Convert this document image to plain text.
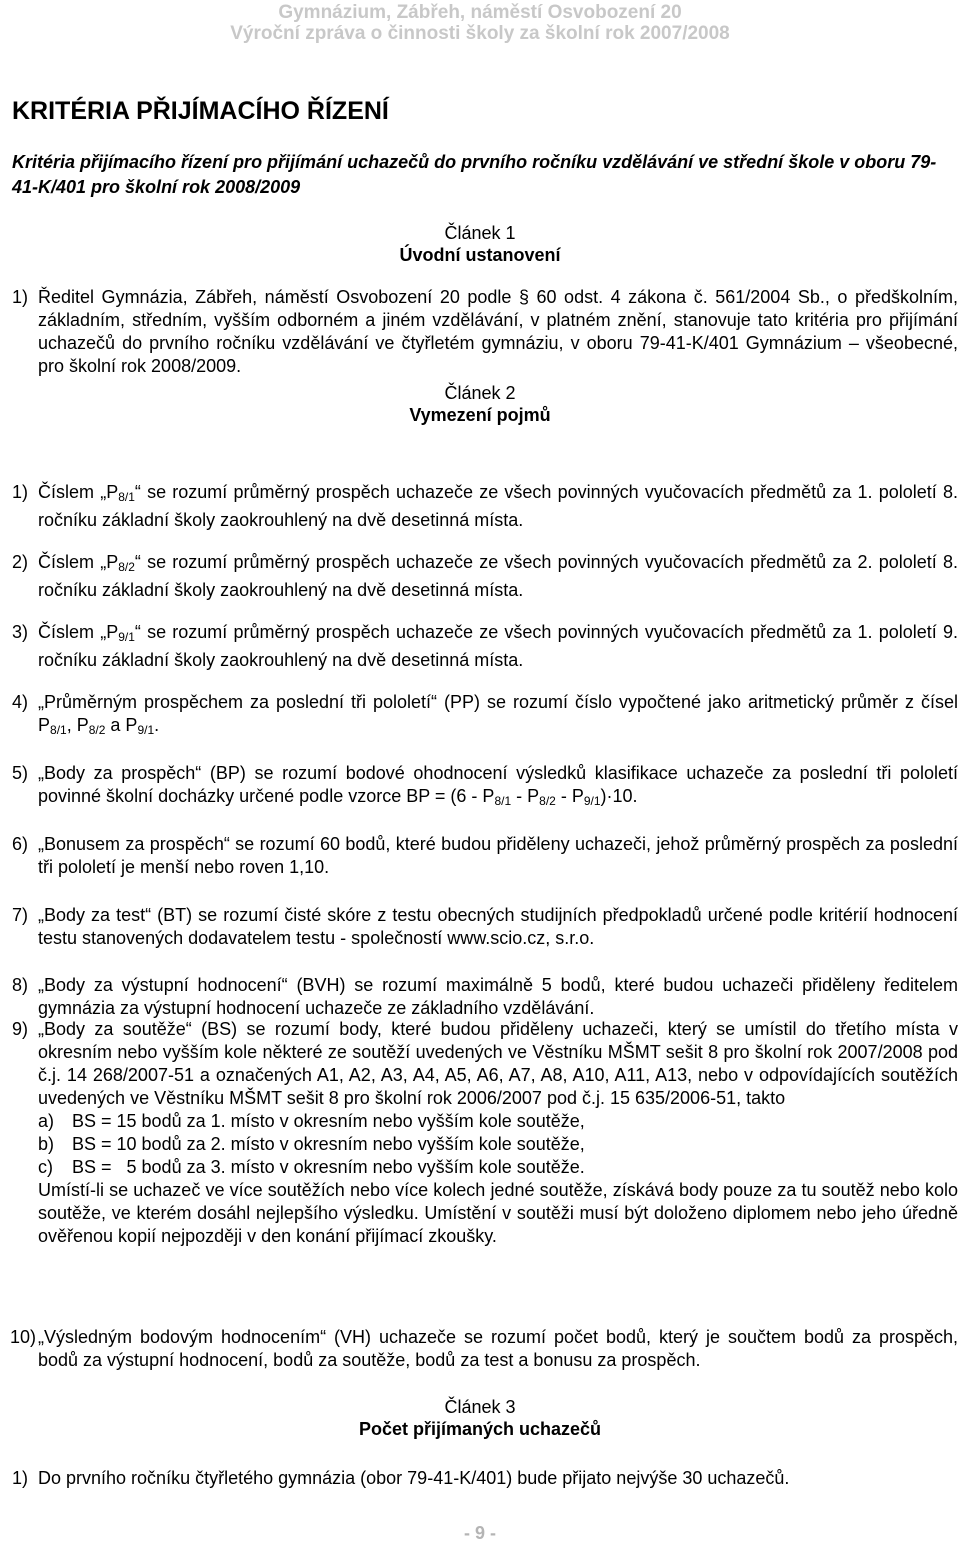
Gymnázium, Zábřeh, náměstí Osvobození 20
Výroční zpráva o činnosti školy za školní rok 2007/2008
KRITÉRIA PŘIJÍMACÍHO ŘÍZENÍ
Kritéria přijímacího řízení pro přijímání uchazečů do prvního ročníku vzdělávání ve střední škole v oboru 79-41-K/401 pro školní rok 2008/2009
Článek 1
Úvodní ustanovení
1) Ředitel Gymnázia, Zábřeh, náměstí Osvobození 20 podle § 60 odst. 4 zákona č. 561/2004 Sb., o předškolním, základním, středním, vyšším odborném a jiném vzdělávání, v platném znění, stanovuje tato kritéria pro přijímání uchazečů do prvního ročníku vzdělávání ve čtyřletém gymnáziu, v oboru 79-41-K/401 Gymnázium – všeobecné, pro školní rok 2008/2009.
Článek 2
Vymezení pojmů
1) Číslem „P8/1“ se rozumí průměrný prospěch uchazeče ze všech povinných vyučovacích předmětů za 1. pololetí 8. ročníku základní školy zaokrouhlený na dvě desetinná místa.
2) Číslem „P8/2“ se rozumí průměrný prospěch uchazeče ze všech povinných vyučovacích předmětů za 2. pololetí 8. ročníku základní školy zaokrouhlený na dvě desetinná místa.
3) Číslem „P9/1“ se rozumí průměrný prospěch uchazeče ze všech povinných vyučovacích předmětů za 1. pololetí 9. ročníku základní školy zaokrouhlený na dvě desetinná místa.
4) „Průměrným prospěchem za poslední tři pololetí“ (PP) se rozumí číslo vypočtené jako aritmetický průměr z čísel P8/1, P8/2 a P9/1.
5) „Body za prospěch“ (BP) se rozumí bodové ohodnocení výsledků klasifikace uchazeče za poslední tři pololetí povinné školní docházky určené podle vzorce BP = (6 - P8/1 - P8/2 - P9/1)·10.
6) „Bonusem za prospěch“ se rozumí 60 bodů, které budou přiděleny uchazeči, jehož průměrný prospěch za poslední tři pololetí je menší nebo roven 1,10.
7) „Body za test“ (BT) se rozumí čisté skóre z testu obecných studijních předpokladů určené podle kritérií hodnocení testu stanovených dodavatelem testu - společností www.scio.cz, s.r.o.
8) „Body za výstupní hodnocení“ (BVH) se rozumí maximálně 5 bodů, které budou uchazeči přiděleny ředitelem gymnázia za výstupní hodnocení uchazeče ze základního vzdělávání.
9) „Body za soutěže“ (BS) se rozumí body, které budou přiděleny uchazeči, který se umístil do třetího místa v okresním nebo vyšším kole některé ze soutěží uvedených ve Věstníku MŠMT sešit 8 pro školní rok 2007/2008 pod č.j. 14 268/2007-51 a označených A1, A2, A3, A4, A5, A6, A7, A8, A10, A11, A13, nebo v odpovídajících soutěžích uvedených ve Věstníku MŠMT sešit 8 pro školní rok 2006/2007 pod č.j. 15 635/2006-51, takto
a) BS = 15 bodů za 1. místo v okresním nebo vyšším kole soutěže,
b) BS = 10 bodů za 2. místo v okresním nebo vyšším kole soutěže,
c) BS =   5 bodů za 3. místo v okresním nebo vyšším kole soutěže.
Umístí-li se uchazeč ve více soutěžích nebo více kolech jedné soutěže, získává body pouze za tu soutěž nebo kolo soutěže, ve kterém dosáhl nejlepšího výsledku. Umístění v soutěži musí být doloženo diplomem nebo jeho úředně ověřenou kopií nejpozději v den konání přijímací zkoušky.
10) „Výsledným bodovým hodnocením“ (VH) uchazeče se rozumí počet bodů, který je součtem bodů za prospěch, bodů za výstupní hodnocení, bodů za soutěže, bodů za test a bonusu za prospěch.
Článek 3
Počet přijímaných uchazečů
1) Do prvního ročníku čtyřletého gymnázia (obor 79-41-K/401) bude přijato nejvýše 30 uchazečů.
- 9 -
